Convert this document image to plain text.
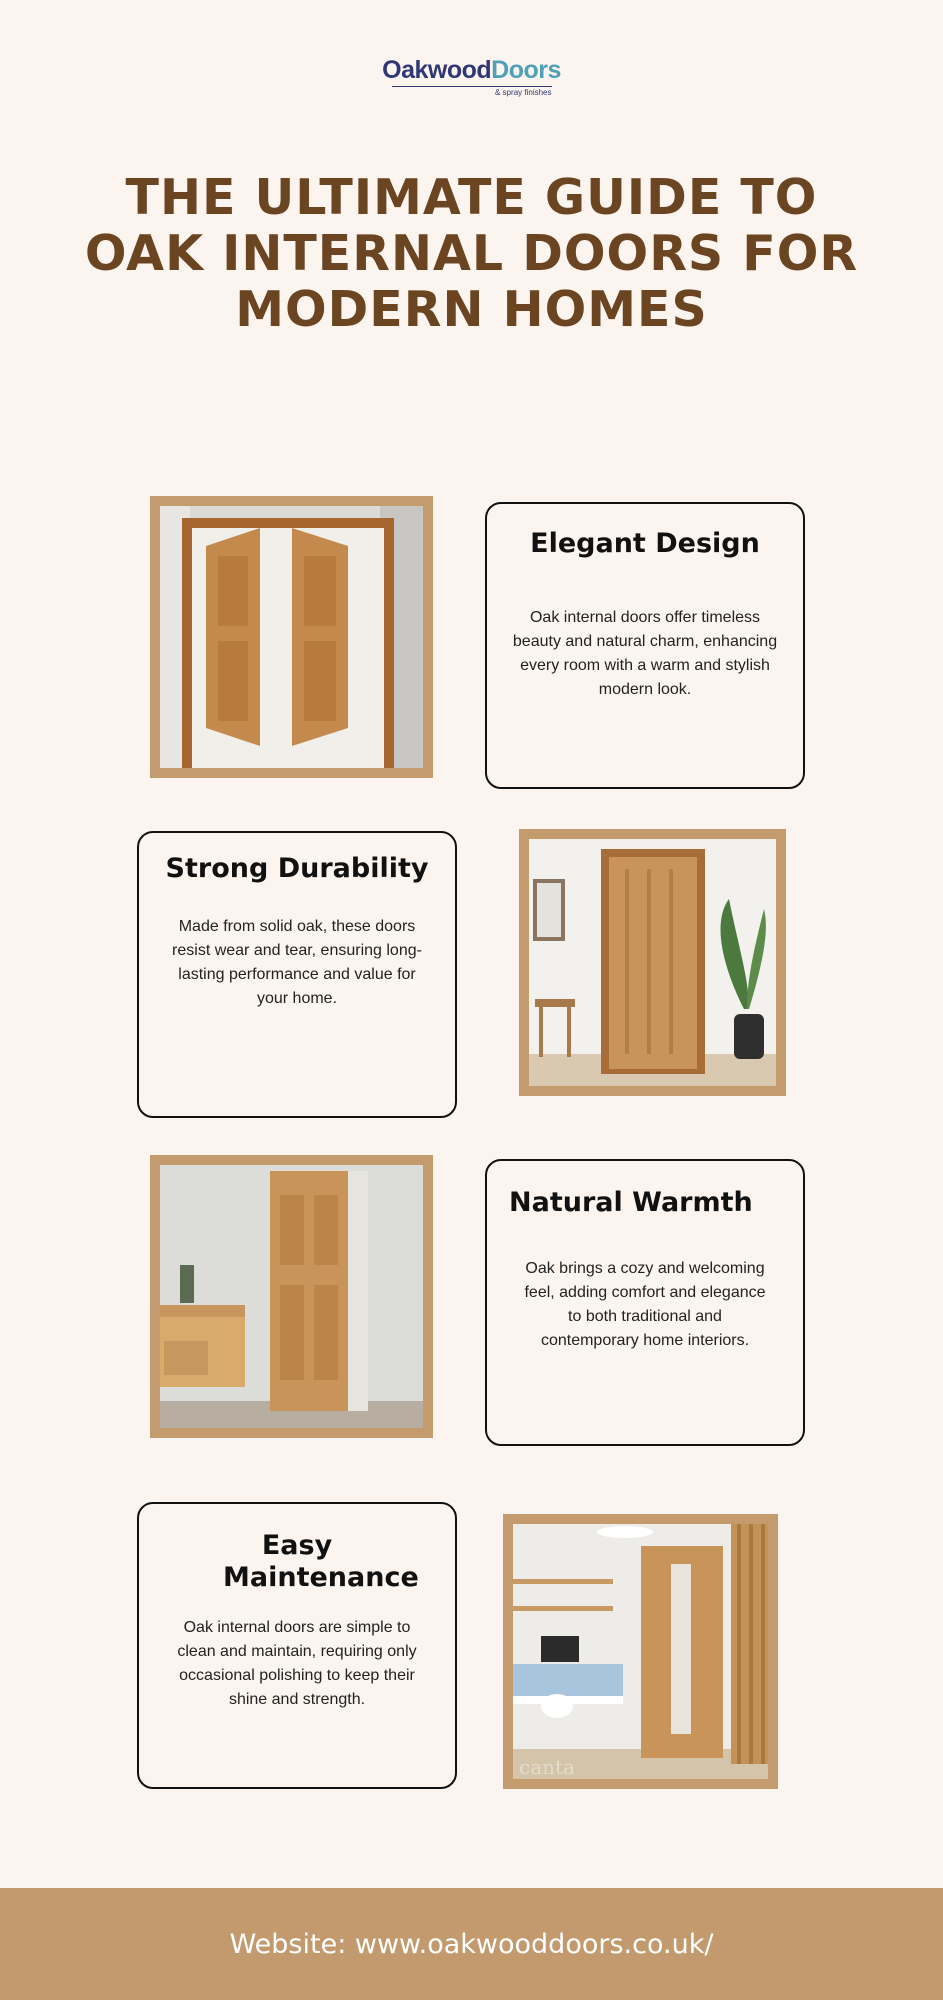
OakwoodDoors
& spray finishes
THE ULTIMATE GUIDE TO OAK INTERNAL DOORS FOR MODERN HOMES
Elegant Design

Oak internal doors offer timeless beauty and natural charm, enhancing every room with a warm and stylish modern look.

Strong Durability

Made from solid oak, these doors resist wear and tear, ensuring long-lasting performance and value for your home.

Natural Warmth

Oak brings a cozy and welcoming feel, adding comfort and elegance to both traditional and contemporary home interiors.

Easy Maintenance

Oak internal doors are simple to clean and maintain, requiring only occasional polishing to keep their shine and strength.

canta
Website: www.oakwooddoors.co.uk/
